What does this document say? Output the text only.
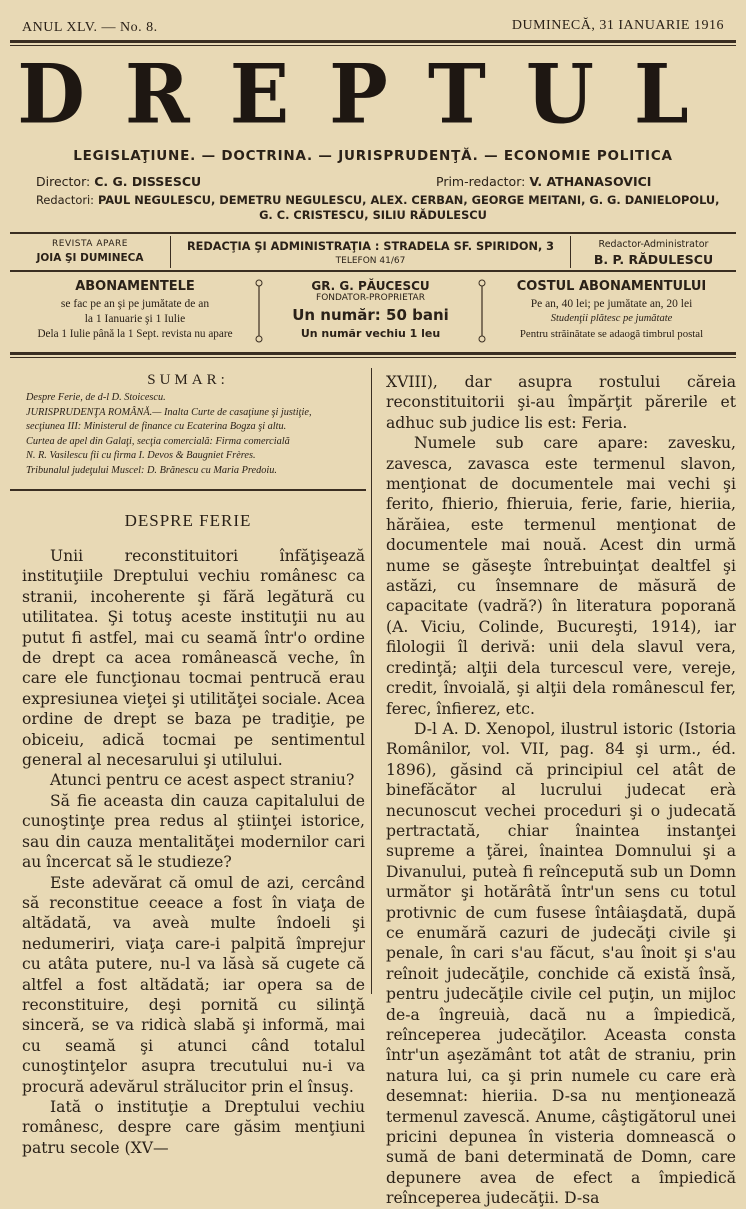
ANUL XLV. — No. 8.	DUMINECĂ, 31 IANUARIE 1916
DREPTUL
LEGISLAŢIUNE. — DOCTRINA. — JURISPRUDENŢĂ. — ECONOMIE POLITICA
Director: C. G. DISSESCU	Prim-redactor: V. ATHANASOVICI
Redactori: PAUL NEGULESCU, DEMETRU NEGULESCU, ALEX. CERBAN, GEORGE MEITANI, G. G. DANIELOPOLU,
G. C. CRISTESCU, SILIU RĂDULESCU
REVISTA APARE
JOIA ŞI DUMINECA
REDACŢIA ŞI ADMINISTRAŢIA : STRADELA SF. SPIRIDON, 3
TELEFON 41/67
Redactor-Administrator
B. P. RĂDULESCU
ABONAMENTELE
se fac pe an şi pe jumătate de an
la 1 Ianuarie şi 1 Iulie
Dela 1 Iulie până la 1 Sept. revista nu apare
GR. G. PĂUCESCU
FONDATOR-PROPRIETAR
Un număr: 50 bani
Un număr vechiu 1 leu
COSTUL ABONAMENTULUI
Pe an, 40 lei; pe jumătate an, 20 lei
Studenţii plătesc pe jumătate
Pentru străinătate se adaogă timbrul postal
SUMAR:
Despre Ferie, de d-l D. Stoicescu.
JURISPRUDENŢA ROMÂNĂ.— Inalta Curte de casaţiune şi justiţie,
secţiunea III: Ministerul de finance cu Ecaterina Bogza şi altu.
Curtea de apel din Galaţi, secţia comercială: Firma comercială
N. R. Vasilescu fii cu firma I. Devos & Baugniet Frères.
Tribunalul judeţului Muscel: D. Brănescu cu Maria Predoiu.
DESPRE FERIE

Unii reconstituitori înfăţişează instituţiile Dreptului vechiu românesc ca stranii, incoherente şi fără legătură cu utilitatea. Şi totuş aceste instituţii nu au putut fi astfel, mai cu seamă într'o ordine de drept ca acea românească veche, în care ele funcţionau tocmai pentrucă erau expresiunea vieţei şi utilităţei sociale. Acea ordine de drept se baza pe tradiţie, pe obiceiu, adică tocmai pe sentimentul general al necesarului şi utilului.

Atunci pentru ce acest aspect straniu?

Să fie aceasta din cauza capitalului de cunoştinţe prea redus al ştiinţei istorice, sau din cauza mentalităţei modernilor cari au încercat să le studieze?

Este adevărat că omul de azi, cercând să reconstitue ceeace a fost în viaţa de altădată, va aveà multe îndoeli şi nedumeriri, viaţa care-i palpită împrejur cu atâta putere, nu-l va lăsà să cugete că altfel a fost altădată; iar opera sa de reconstituire, deşi pornită cu silinţă sinceră, se va ridicà slabă şi informă, mai cu seamă şi atunci când totalul cunoştinţelor asupra trecutului nu-i va procură adevărul strălucitor prin el însuş.

Iată o instituţie a Dreptului vechiu românesc, despre care găsim menţiuni patru secole (XV—

XVIII), dar asupra rostului căreia reconstituitorii şi-au împărţit părerile et adhuc sub judice lis est: Feria.

Numele sub care apare: zavesku, zavesca, zavasca este termenul slavon, menţionat de documentele mai vechi şi ferito, fhierio, fhieruia, ferie, farie, hieriia, hărăiea, este termenul menţionat de documentele mai nouă. Acest din urmă nume se găseşte întrebuinţat dealtfel şi astăzi, cu însemnare de măsură de capacitate (vadră?) în literatura poporană (A. Viciu, Colinde, Bucureşti, 1914), iar filologii îl derivă: unii dela slavul vera, credinţă; alţii dela turcescul vere, vereje, credit, învoială, şi alţii dela românescul fer, ferec, înfierez, etc.

D-l A. D. Xenopol, ilustrul istoric (Istoria Românilor, vol. VII, pag. 84 şi urm., éd. 1896), găsind că principiul cel atât de binefăcător al lucrului judecat erà necunoscut vechei proceduri şi o judecată pertractată, chiar înaintea instanţei supreme a ţărei, înaintea Domnului şi a Divanului, puteà fi reîncepută sub un Domn următor şi hotărâtă într'un sens cu totul protivnic de cum fusese întâiaşdată, după ce enumără cazuri de judecăţi civile şi penale, în cari s'au făcut, s'au înoit şi s'au reînoit judecăţile, conchide că există însă, pentru judecăţile civile cel puţin, un mijloc de-a îngreuià, dacă nu a împiedică, reînceperea judecăţilor. Aceasta consta într'un aşezământ tot atât de straniu, prin natura lui, ca şi prin numele cu care erà desemnat: hieriia. D-sa nu menţionează termenul zavescă. Anume, câştigătorul unei pricini depunea în visteria domnească o sumă de bani determinată de Domn, care depunere avea de efect a împiedică reînceperea judecăţii. D-sa
